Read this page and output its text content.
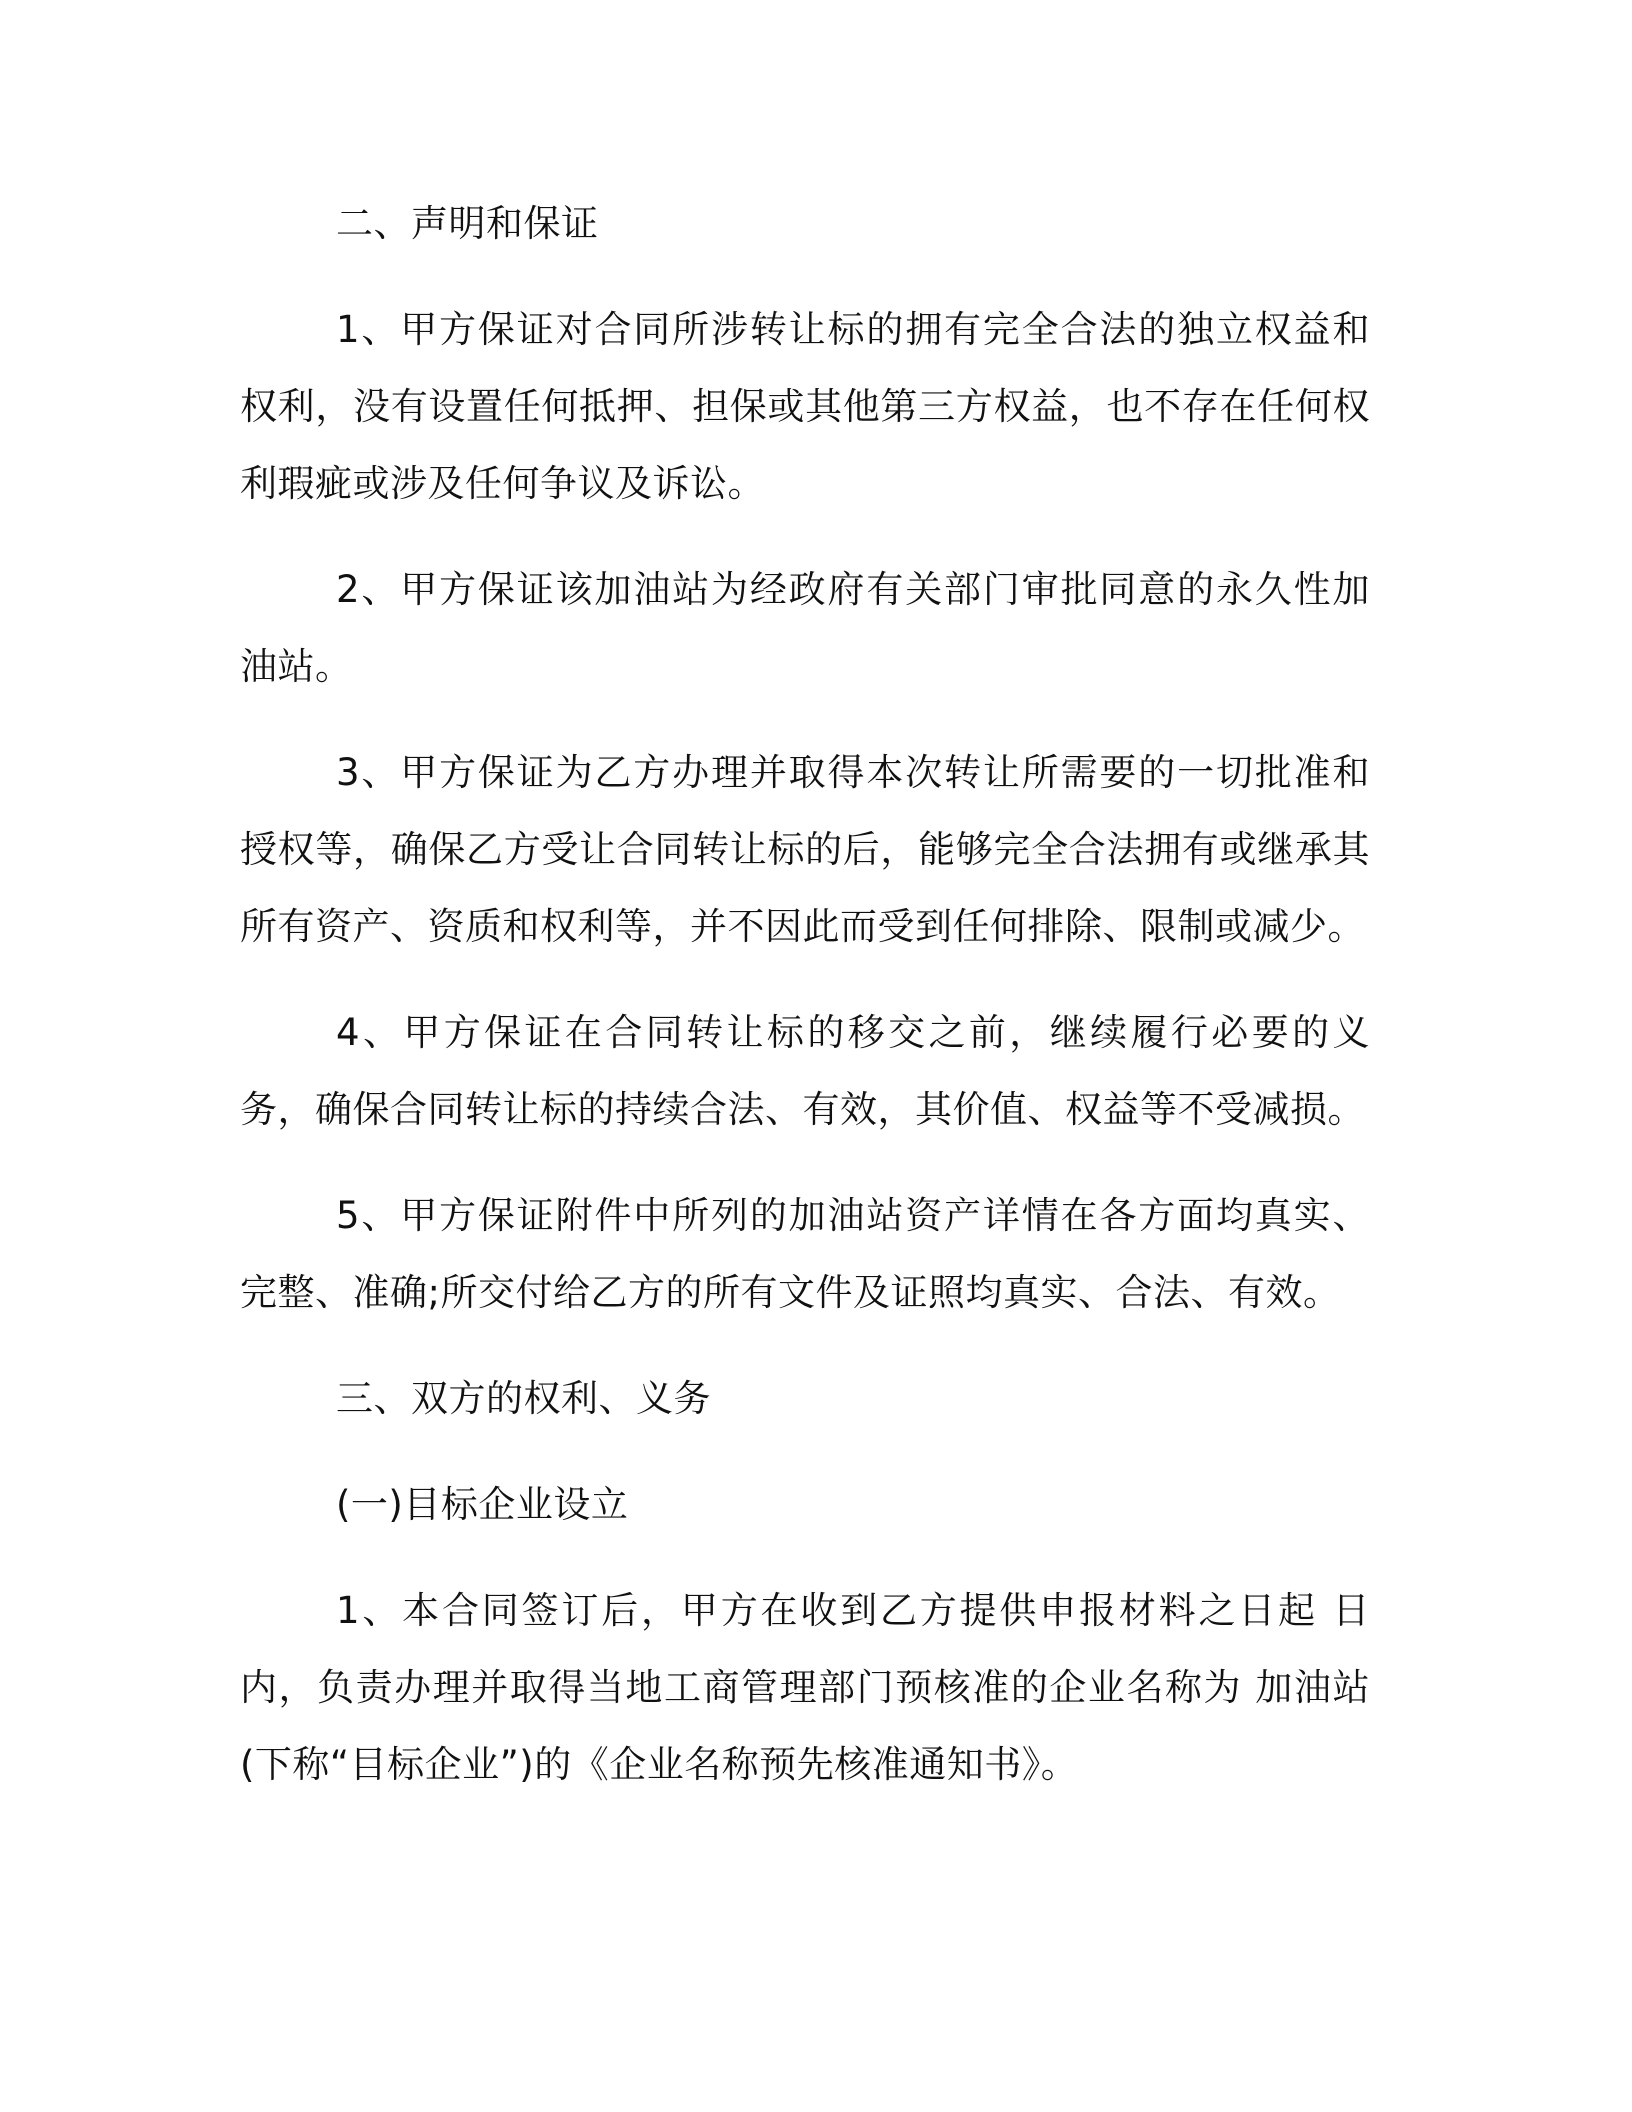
二、声明和保证

1、甲方保证对合同所涉转让标的拥有完全合法的独立权益和权利，没有设置任何抵押、担保或其他第三方权益，也不存在任何权利瑕疵或涉及任何争议及诉讼。

2、甲方保证该加油站为经政府有关部门审批同意的永久性加油站。

3、甲方保证为乙方办理并取得本次转让所需要的一切批准和授权等，确保乙方受让合同转让标的后，能够完全合法拥有或继承其所有资产、资质和权利等，并不因此而受到任何排除、限制或减少。

4、甲方保证在合同转让标的移交之前，继续履行必要的义务，确保合同转让标的持续合法、有效，其价值、权益等不受减损。

5、甲方保证附件中所列的加油站资产详情在各方面均真实、完整、准确;所交付给乙方的所有文件及证照均真实、合法、有效。

三、双方的权利、义务

(一)目标企业设立

1、本合同签订后，甲方在收到乙方提供申报材料之日起 日内，负责办理并取得当地工商管理部门预核准的企业名称为 加油站(下称“目标企业”)的《企业名称预先核准通知书》。
